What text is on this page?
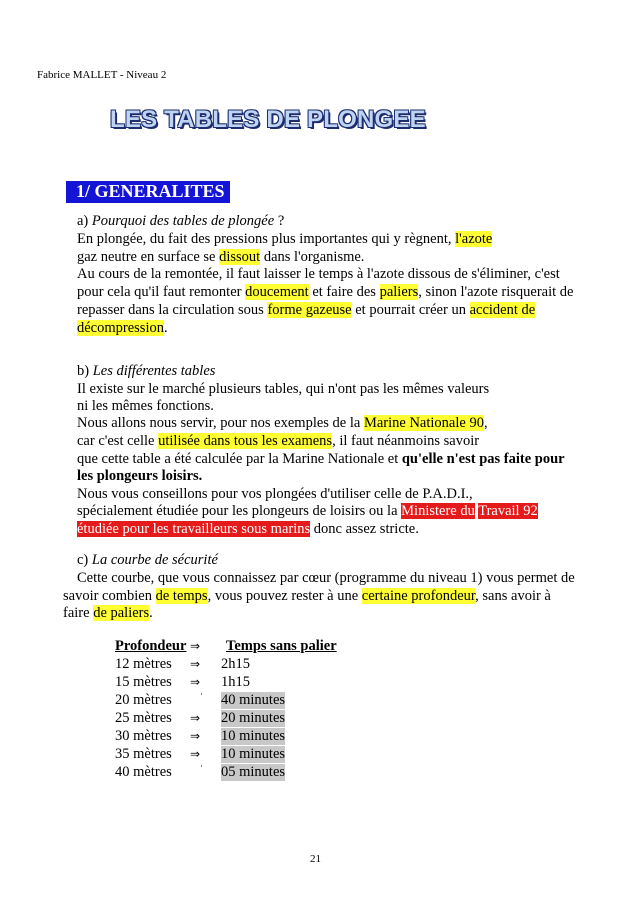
Fabrice MALLET - Niveau 2
LES TABLES DE PLONGEE
1/ GENERALITES
a) Pourquoi des tables de plongée ?
En plongée, du fait des pressions plus importantes qui y règnent, l'azote
gaz neutre en surface se dissout dans l'organisme.
Au cours de la remontée, il faut laisser le temps à l'azote dissous de s'éliminer, c'est
pour cela qu'il faut remonter doucement et faire des paliers, sinon l'azote risquerait de
repasser dans la circulation sous forme gazeuse et pourrait créer un accident de
décompression.
b) Les différentes tables
Il existe sur le marché plusieurs tables, qui n'ont pas les mêmes valeurs
ni les mêmes fonctions.
Nous allons nous servir, pour nos exemples de la Marine Nationale 90,
car c'est celle utilisée dans tous les examens, il faut néanmoins savoir
que cette table a été calculée par la Marine Nationale et qu'elle n'est pas faite pour
les plongeurs loisirs.
Nous vous conseillons pour vos plongées d'utiliser celle de P.A.D.I.,
spécialement étudiée pour les plongeurs de loisirs ou la Ministere du Travail 92
étudiée pour les travailleurs sous marins donc assez stricte.
c) La courbe de sécurité
Cette courbe, que vous connaissez par cœur (programme du niveau 1) vous permet de
savoir combien de temps, vous pouvez rester à une certaine profondeur, sans avoir à
faire de paliers.
Profondeur ⇒ Temps sans palier
12 mètres ⇒ 2h15
15 mètres ⇒ 1h15
20 mètres	· 40 minutes
25 mètres ⇒ 20 minutes
30 mètres ⇒ 10 minutes
35 mètres ⇒ 10 minutes
40 mètres	· 05 minutes
21
